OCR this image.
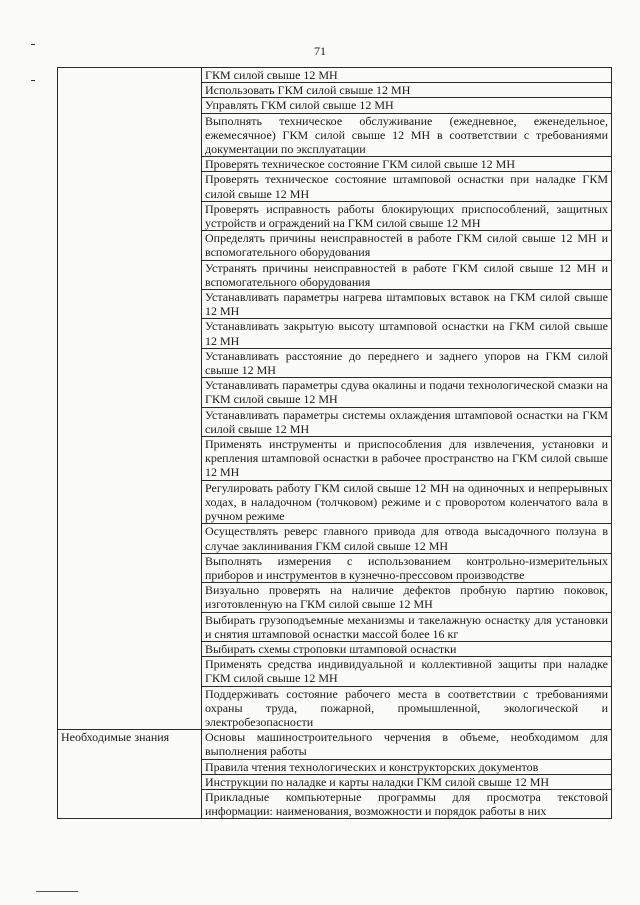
71
	ГКМ силой свыше 12 МН
	Использовать ГКМ силой свыше 12 МН
	Управлять ГКМ силой свыше 12 МН
	Выполнять техническое обслуживание (ежедневное, еженедельное, ежемесячное) ГКМ силой свыше 12 МН в соответствии с требованиями документации по эксплуатации
	Проверять техническое состояние ГКМ силой свыше 12 МН
	Проверять техническое состояние штамповой оснастки при наладке ГКМ силой свыше 12 МН
	Проверять исправность работы блокирующих приспособлений, защитных устройств и ограждений на ГКМ силой свыше 12 МН
	Определять причины неисправностей в работе ГКМ силой свыше 12 МН и вспомогательного оборудования
	Устранять причины неисправностей в работе ГКМ силой свыше 12 МН и вспомогательного оборудования
	Устанавливать параметры нагрева штамповых вставок на ГКМ силой свыше 12 МН
	Устанавливать закрытую высоту штамповой оснастки на ГКМ силой свыше 12 МН
	Устанавливать расстояние до переднего и заднего упоров на ГКМ силой свыше 12 МН
	Устанавливать параметры сдува окалины и подачи технологической смазки на ГКМ силой свыше 12 МН
	Устанавливать параметры системы охлаждения штамповой оснастки на ГКМ силой свыше 12 МН
	Применять инструменты и приспособления для извлечения, установки и крепления штамповой оснастки в рабочее пространство на ГКМ силой свыше 12 МН
	Регулировать работу ГКМ силой свыше 12 МН на одиночных и непрерывных ходах, в наладочном (толчковом) режиме и с проворотом коленчатого вала в ручном режиме
	Осуществлять реверс главного привода для отвода высадочного ползуна в случае заклинивания ГКМ силой свыше 12 МН
	Выполнять измерения с использованием контрольно-измерительных приборов и инструментов в кузнечно-прессовом производстве
	Визуально проверять на наличие дефектов пробную партию поковок, изготовленную на ГКМ силой свыше 12 МН
	Выбирать грузоподъемные механизмы и такелажную оснастку для установки и снятия штамповой оснастки массой более 16 кг
	Выбирать схемы строповки штамповой оснастки
	Применять средства индивидуальной и коллективной защиты при наладке ГКМ силой свыше 12 МН
	Поддерживать состояние рабочего места в соответствии с требованиями охраны труда, пожарной, промышленной, экологической и электробезопасности
Необходимые знания	Основы машиностроительного черчения в объеме, необходимом для выполнения работы
	Правила чтения технологических и конструкторских документов
	Инструкции по наладке и карты наладки ГКМ силой свыше 12 МН
	Прикладные компьютерные программы для просмотра текстовой информации: наименования, возможности и порядок работы в них
